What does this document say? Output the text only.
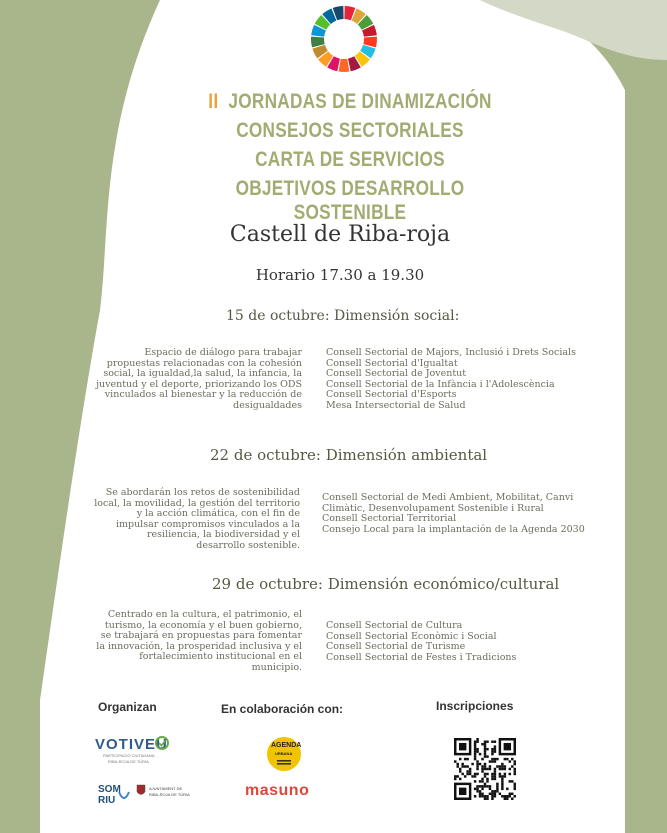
II JORNADAS DE DINAMIZACIÓN
CONSEJOS SECTORIALES
CARTA DE SERVICIOS
OBJETIVOS DESARROLLO SOSTENIBLE
Castell de Riba-roja
Horario 17.30 a 19.30
15 de octubre: Dimensión social:
Espacio de diálogo para trabajar
propuestas relacionadas con la cohesión
social, la igualdad,la salud, la infancia, la
juventud y el deporte, priorizando los ODS
vinculados al bienestar y la reducción de
desigualdades
Consell Sectorial de Majors, Inclusió i Drets Socials
Consell Sectorial d'Igualtat
Consell Sectorial de Joventut
Consell Sectorial de la Infància i l'Adolescència
Consell Sectorial d'Esports
Mesa Intersectorial de Salud
22 de octubre: Dimensión ambiental
Se abordarán los retos de sostenibilidad
local, la movilidad, la gestión del territorio
y la acción climática, con el fin de
impulsar compromisos vinculados a la
resiliencia, la biodiversidad y el
desarrollo sostenible.
Consell Sectorial de Medi Ambient, Mobilitat, Canvi
Climàtic, Desenvolupament Sostenible i Rural
Consell Sectorial Territorial
Consejo Local para la implantación de la Agenda 2030
29 de octubre: Dimensión económico/cultural
Centrado en la cultura, el patrimonio, el
turismo, la economía y el buen gobierno,
se trabajará en propuestas para fomentar
la innovación, la prosperidad inclusiva y el
fortalecimiento institucional en el
municipio.
Consell Sectorial de Cultura
Consell Sectorial Econòmic i Social
Consell Sectorial de Turisme
Consell Sectorial de Festes i Tradicions
Organizan	En colaboración con:	Inscripciones
VOTIVEU
PARTICIPACIÓ CIUTADANA
RIBA-ROJA DE TÚRIA
SOM
RIU
AJUNTAMENT DE
RIBA-ROJA DE TÚRIA
AGENDA
URBANA
masuno
